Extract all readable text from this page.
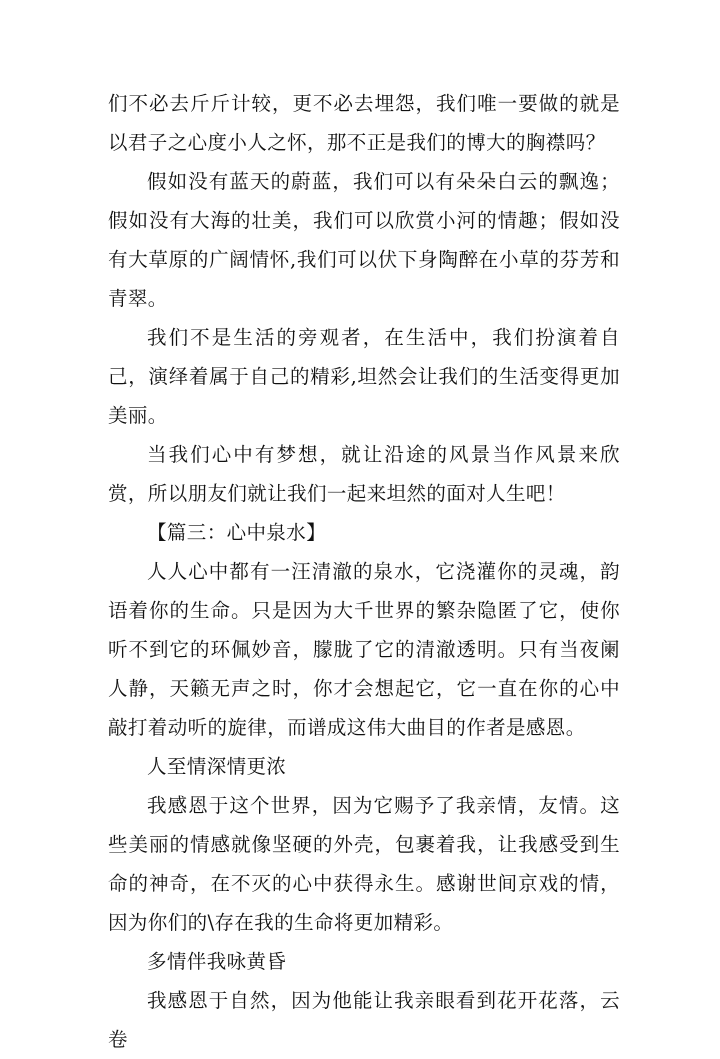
们不必去斤斤计较，更不必去埋怨，我们唯一要做的就是以君子之心度小人之怀，那不正是我们的博大的胸襟吗？

假如没有蓝天的蔚蓝，我们可以有朵朵白云的飘逸；假如没有大海的壮美，我们可以欣赏小河的情趣；假如没有大草原的广阔情怀,我们可以伏下身陶醉在小草的芬芳和青翠。

我们不是生活的旁观者，在生活中，我们扮演着自己，演绎着属于自己的精彩,坦然会让我们的生活变得更加美丽。

当我们心中有梦想，就让沿途的风景当作风景来欣赏，所以朋友们就让我们一起来坦然的面对人生吧！

【篇三：心中泉水】

人人心中都有一汪清澈的泉水，它浇灌你的灵魂，韵语着你的生命。只是因为大千世界的繁杂隐匿了它，使你听不到它的环佩妙音，朦胧了它的清澈透明。只有当夜阑人静，天籁无声之时，你才会想起它，它一直在你的心中敲打着动听的旋律，而谱成这伟大曲目的作者是感恩。

人至情深情更浓

我感恩于这个世界，因为它赐予了我亲情，友情。这些美丽的情感就像坚硬的外壳，包裹着我，让我感受到生命的神奇，在不灭的心中获得永生。感谢世间京戏的情，因为你们的\存在我的生命将更加精彩。

多情伴我咏黄昏

我感恩于自然，因为他能让我亲眼看到花开花落，云卷
